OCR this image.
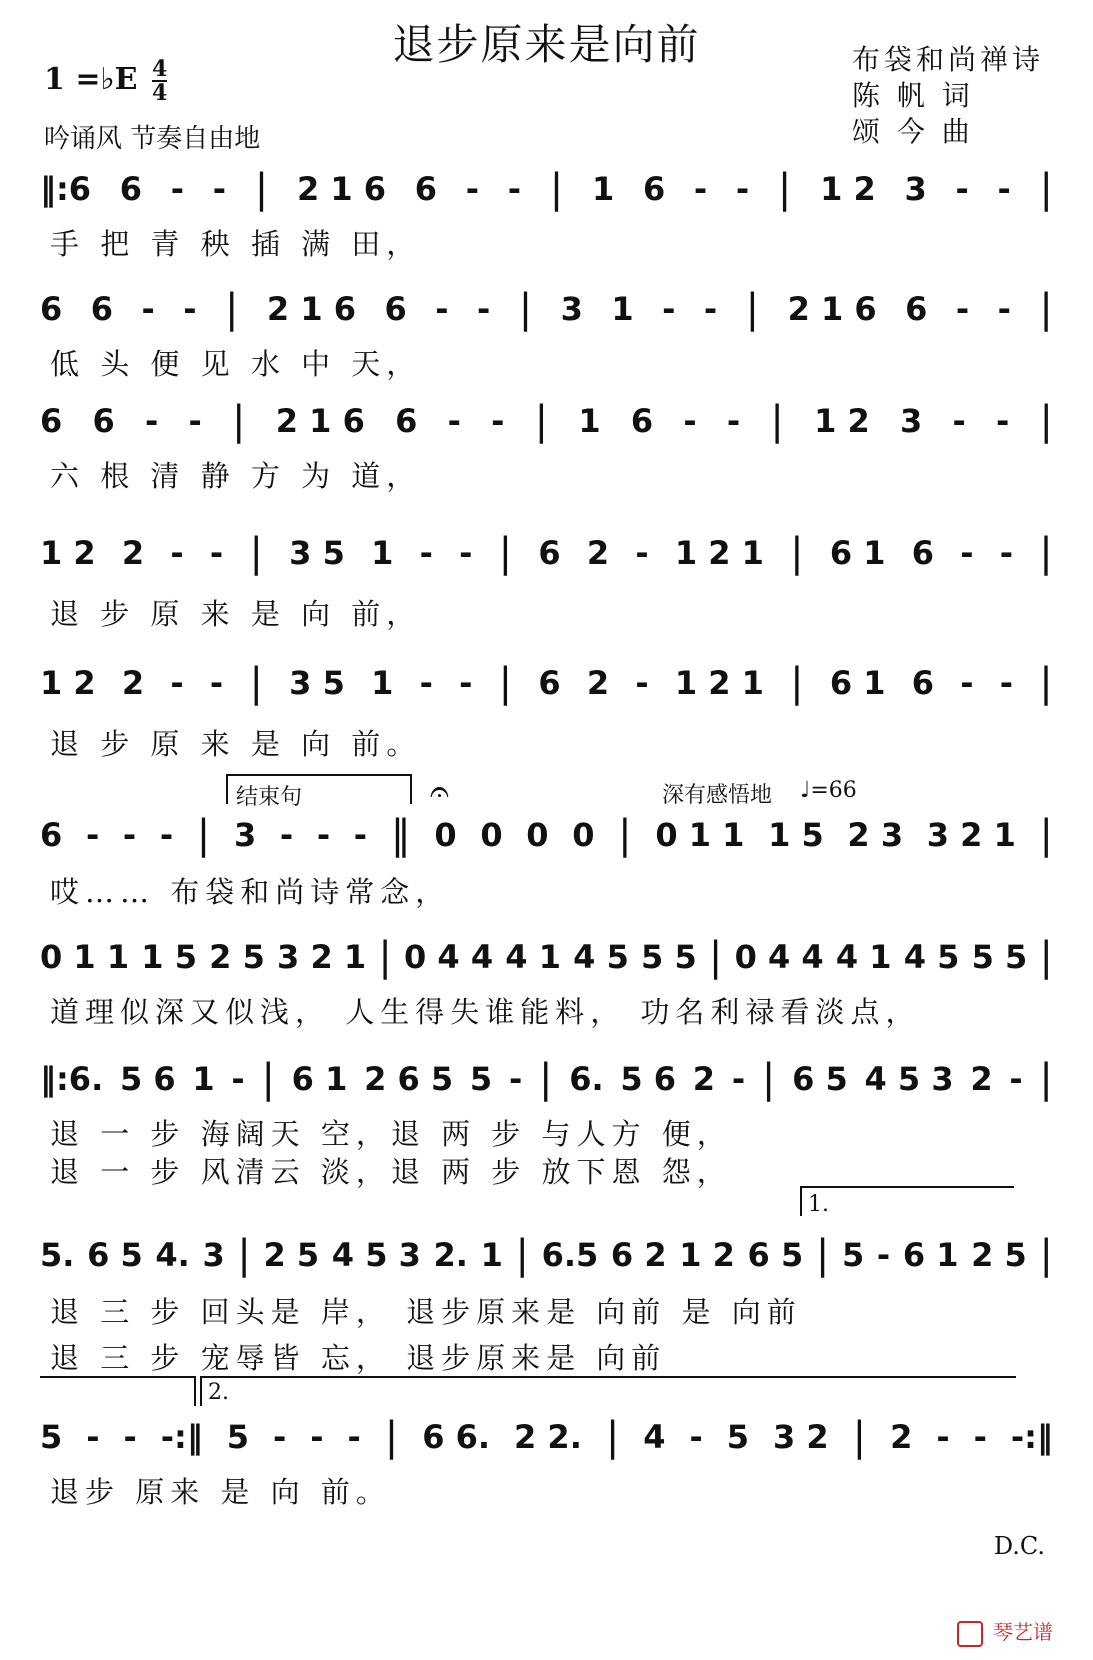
退步原来是向前
1 =♭E $\frac{4}{4}$
吟诵风 节奏自由地
布袋和尚禅诗
陈 帆 词
颂 今 曲
‖:6 6 - - | 2 1 6 6 - - | 1 6 - - | 1 2 3 - - |
手 把 青 秧 插 满 田，
6 6 - - | 2 1 6 6 - - | 3 1 - - | 2 1 6 6 - - |
低 头 便 见 水 中 天，
6 6 - - | 2 1 6 6 - - | 1 6 - - | 1 2 3 - - |
六 根 清 静 方 为 道，
1 2 2 - - | 3 5 1 - - | 6 2 - 1 2 1 | 6 1 6 - - |
退 步 原 来 是 向 前，
1 2 2 - - | 3 5 1 - - | 6 2 - 1 2 1 | 6 1 6 - - |
退 步 原 来 是 向 前。
结束句	𝄐	深有感悟地 ♩=66
6 - - - | 3 - - - ‖ 0 0 0 0 | 0 1 1 1 5 2 3 3 2 1 |
哎…… 布袋和尚诗常念，
0 1 1 1 5 2 5 3 2 1 | 0 4 4 4 1 4 5 5 5 | 0 4 4 4 1 4 5 5 5 |
道理似深又似浅， 人生得失谁能料， 功名利禄看淡点，
‖:6. 5 6 1 - | 6 1 2 6 5 5 - | 6. 5 6 2 - | 6 5 4 5 3 2 - |
退 一 步 海阔天 空，退 两 步 与人方 便，
退 一 步 风清云 淡，退 两 步 放下恩 怨，
1.
5. 6 5 4. 3 | 2 5 4 5 3 2. 1 | 6.5 6 2 1 2 6 5 | 5 - 6 1 2 5 |
退 三 步 回头是 岸， 退步原来是 向前 是 向前
退 三 步 宠辱皆 忘， 退步原来是 向前
2.
5 - - -:‖ 5 - - - | 6 6. 2 2. | 4 - 5 3 2 | 2 - - -:‖
退步 原来 是 向 前。
D.C.
琴艺谱
